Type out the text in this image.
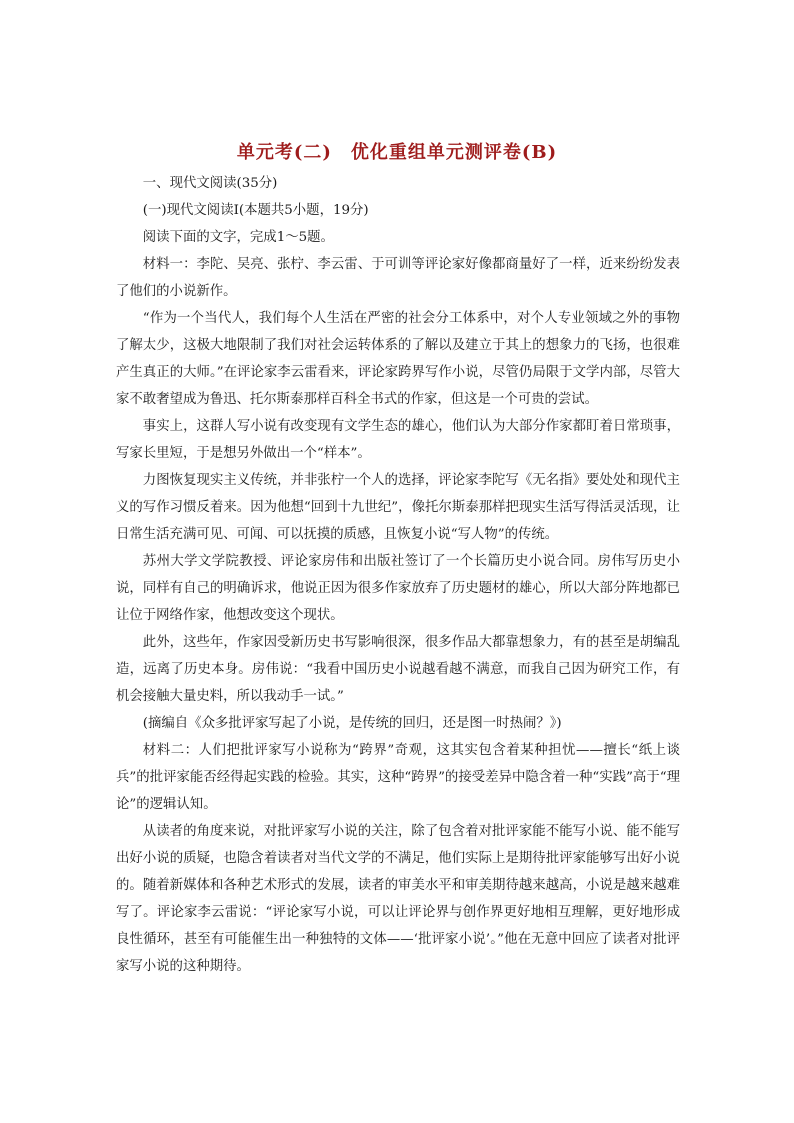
单元考(二)　优化重组单元测评卷(B)

一、现代文阅读(35分)

(一)现代文阅读Ⅰ(本题共5小题，19分)

阅读下面的文字，完成1～5题。

材料一：李陀、吴亮、张柠、李云雷、于可训等评论家好像都商量好了一样，近来纷纷发表了他们的小说新作。

“作为一个当代人，我们每个人生活在严密的社会分工体系中，对个人专业领域之外的事物了解太少，这极大地限制了我们对社会运转体系的了解以及建立于其上的想象力的飞扬，也很难产生真正的大师。”在评论家李云雷看来，评论家跨界写作小说，尽管仍局限于文学内部，尽管大家不敢奢望成为鲁迅、托尔斯泰那样百科全书式的作家，但这是一个可贵的尝试。

事实上，这群人写小说有改变现有文学生态的雄心，他们认为大部分作家都盯着日常琐事，写家长里短，于是想另外做出一个“样本”。

力图恢复现实主义传统，并非张柠一个人的选择，评论家李陀写《无名指》要处处和现代主义的写作习惯反着来。因为他想“回到十九世纪”，像托尔斯泰那样把现实生活写得活灵活现，让日常生活充满可见、可闻、可以抚摸的质感，且恢复小说“写人物”的传统。

苏州大学文学院教授、评论家房伟和出版社签订了一个长篇历史小说合同。房伟写历史小说，同样有自己的明确诉求，他说正因为很多作家放弃了历史题材的雄心，所以大部分阵地都已让位于网络作家，他想改变这个现状。

此外，这些年，作家因受新历史书写影响很深，很多作品大都靠想象力，有的甚至是胡编乱造，远离了历史本身。房伟说：“我看中国历史小说越看越不满意，而我自己因为研究工作，有机会接触大量史料，所以我动手一试。”

(摘编自《众多批评家写起了小说，是传统的回归，还是图一时热闹？》)

材料二：人们把批评家写小说称为“跨界”奇观，这其实包含着某种担忧——擅长“纸上谈兵”的批评家能否经得起实践的检验。其实，这种“跨界”的接受差异中隐含着一种“实践”高于“理论”的逻辑认知。

从读者的角度来说，对批评家写小说的关注，除了包含着对批评家能不能写小说、能不能写出好小说的质疑，也隐含着读者对当代文学的不满足，他们实际上是期待批评家能够写出好小说的。随着新媒体和各种艺术形式的发展，读者的审美水平和审美期待越来越高，小说是越来越难写了。评论家李云雷说：“评论家写小说，可以让评论界与创作界更好地相互理解，更好地形成良性循环，甚至有可能催生出一种独特的文体——‘批评家小说’。”他在无意中回应了读者对批评家写小说的这种期待。
